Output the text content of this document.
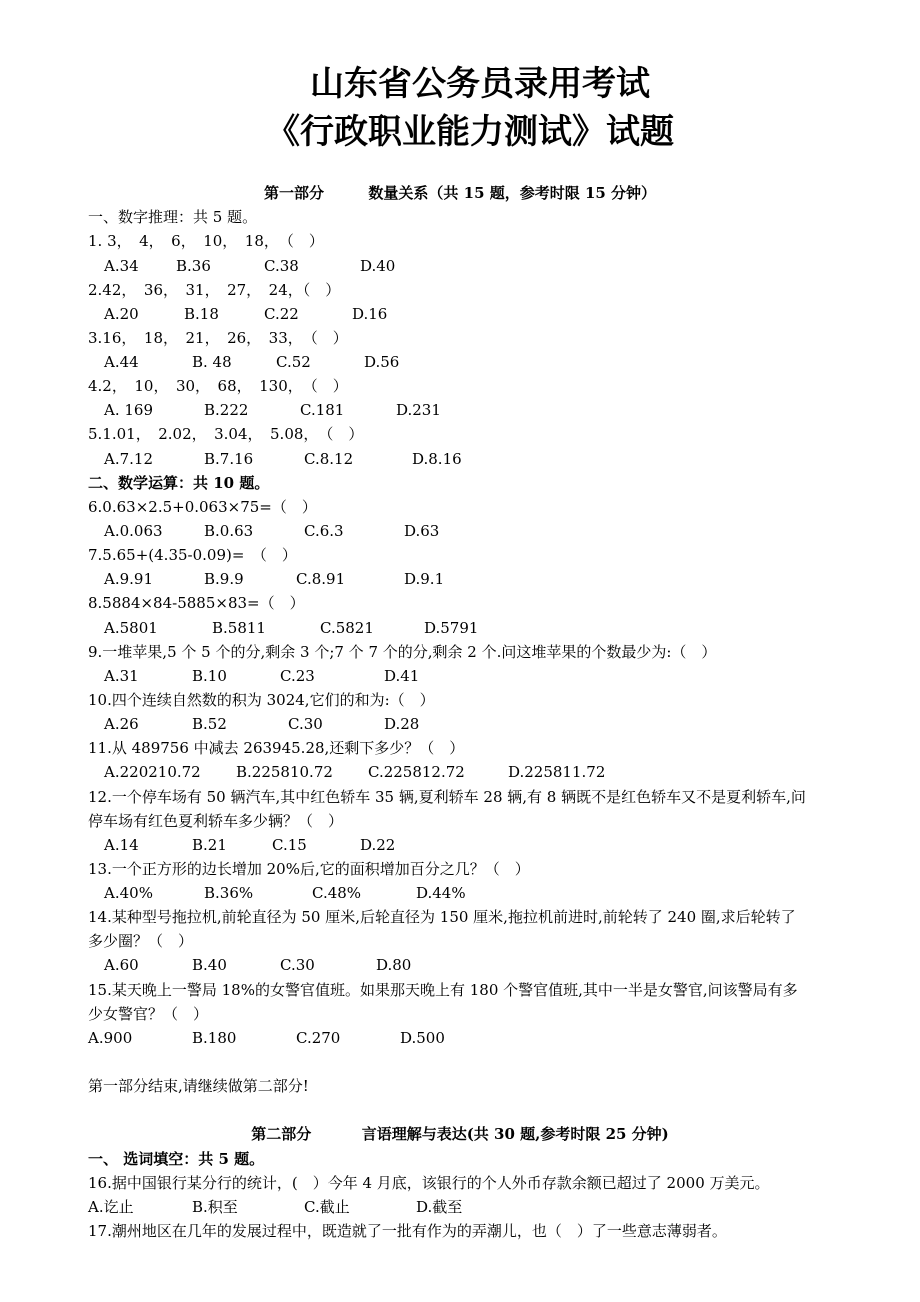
山东省公务员录用考试
《行政职业能力测试》试题
第一部分	数量关系（共 15 题，参考时限 15 分钟）
一、数字推理：共 5 题。
1. 3，　4，　6，　10，　18，　（　）
A.34 B.36	C.38	D.40
2.42，　36，　31，　27，　24，（　）
A.20	B.18	C.22	D.16
3.16，　18，　21，　26，　33，　（　）
A.44	B. 48	C.52	D.56
4.2，　10，　30，　68，　130，　（　）
A. 169	B.222	C.181	D.231
5.1.01，　2.02，　3.04，　5.08，　（　）
A.7.12	B.7.16	C.8.12	D.8.16
二、数学运算：共 10 题。
6.0.63×2.5+0.063×75=（　）
A.0.063	B.0.63	C.6.3	D.63
7.5.65+(4.35-0.09)=　（　）
A.9.91	B.9.9	C.8.91	D.9.1
8.5884×84-5885×83=（　）
A.5801	B.5811	C.5821	D.5791
9.一堆苹果,5 个 5 个的分,剩余 3 个;7 个 7 个的分,剩余 2 个.问这堆苹果的个数最少为:（　）
A.31	B.10	C.23	D.41
10.四个连续自然数的积为 3024,它们的和为:（　）
A.26	B.52	C.30	D.28
11.从 489756 中减去 263945.28,还剩下多少？（　）
A.220210.72 B.225810.72 C.225812.72	D.225811.72
12.一个停车场有 50 辆汽车,其中红色轿车 35 辆,夏利轿车 28 辆,有 8 辆既不是红色轿车又不是夏利轿车,问
停车场有红色夏利轿车多少辆？（　）
A.14	B.21	C.15	D.22
13.一个正方形的边长增加 20%后,它的面积增加百分之几？（　）
A.40%	B.36%	C.48%	D.44%
14.某种型号拖拉机,前轮直径为 50 厘米,后轮直径为 150 厘米,拖拉机前进时,前轮转了 240 圈,求后轮转了
多少圈？（　）
A.60	B.40	C.30	D.80
15.某天晚上一警局 18%的女警官值班。如果那天晚上有 180 个警官值班,其中一半是女警官,问该警局有多
少女警官？（　）
A.900	B.180	C.270	D.500
第一部分结束,请继续做第二部分!
第二部分	言语理解与表达(共 30 题,参考时限 25 分钟)
一、 选词填空：共 5 题。
16.据中国银行某分行的统计，(　）今年 4 月底，该银行的个人外币存款余额已超过了 2000 万美元。
A.讫止	B.积至	C.截止	D.截至
17.潮州地区在几年的发展过程中，既造就了一批有作为的弄潮儿，也（　）了一些意志薄弱者。
